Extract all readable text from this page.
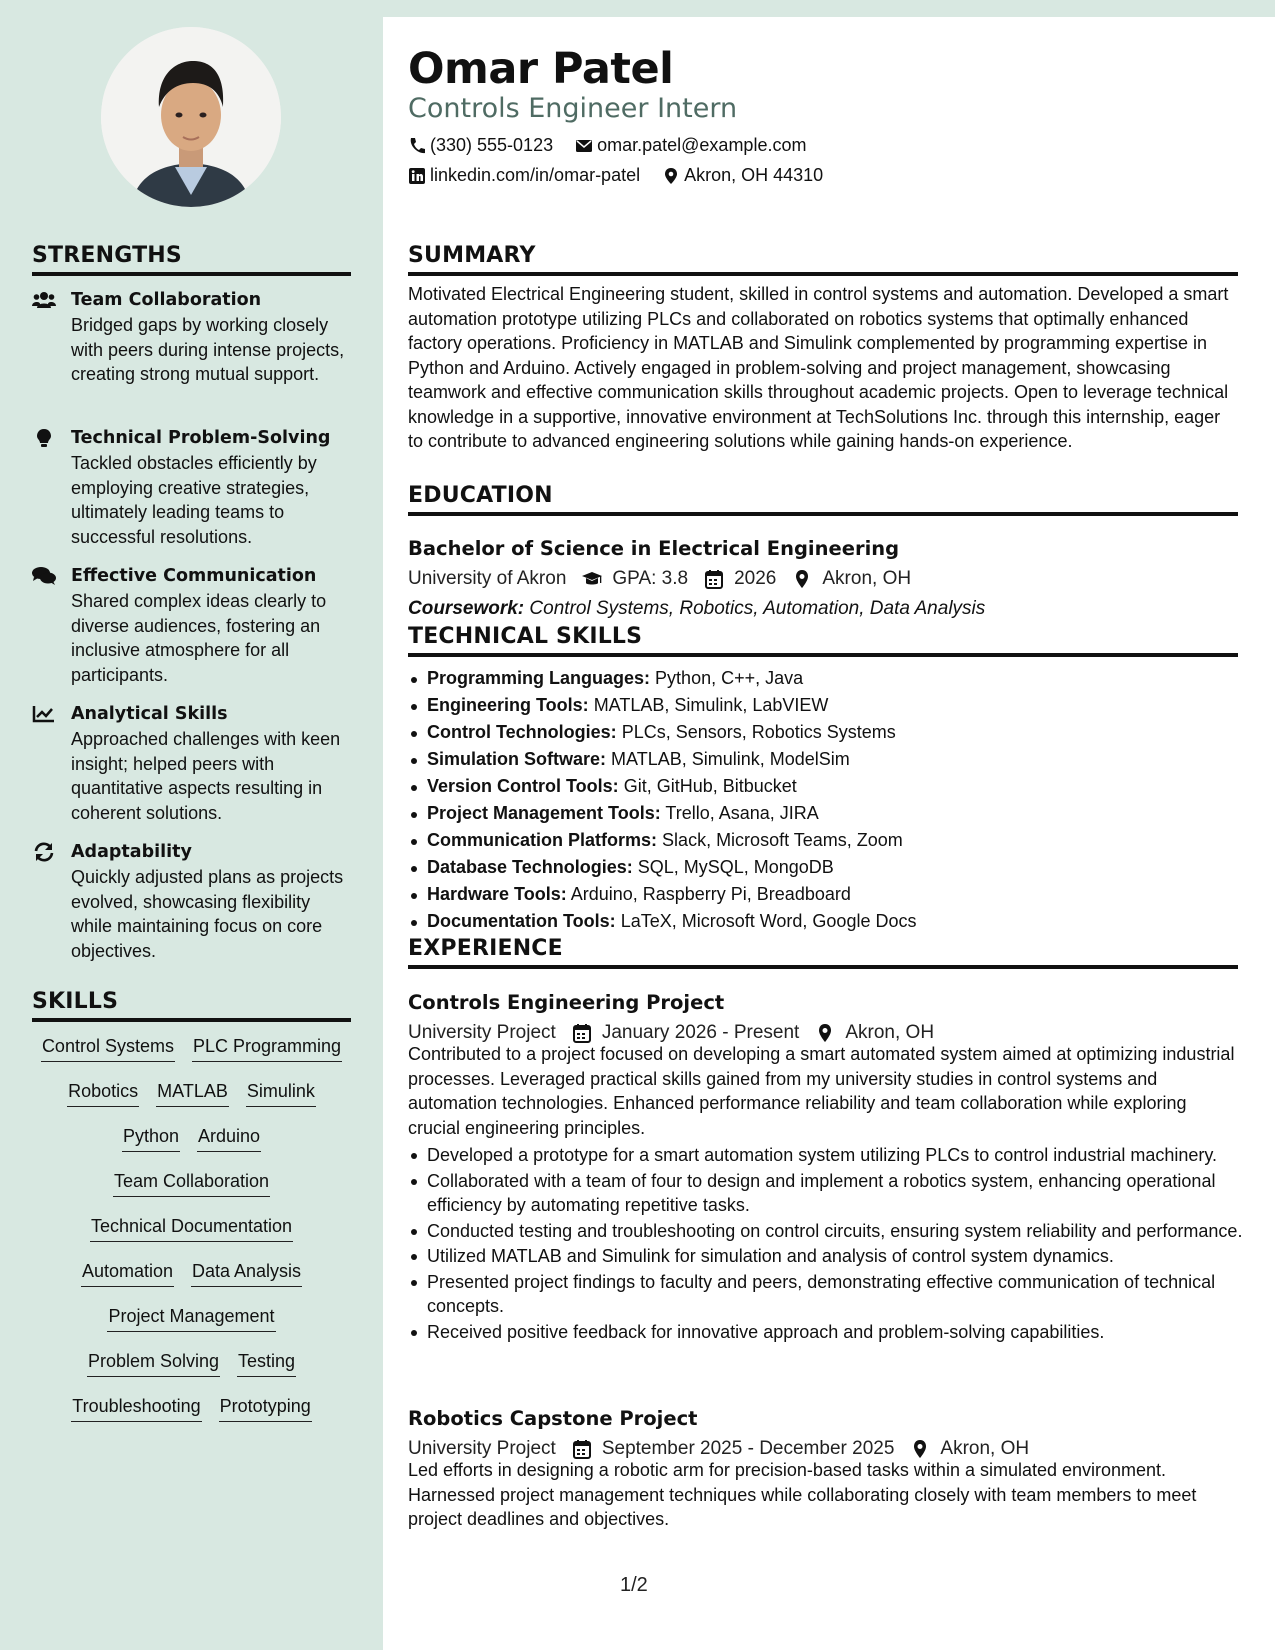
STRENGTHS
Team Collaboration
Bridged gaps by working closely with peers during intense projects, creating strong mutual support.
Technical Problem-Solving
Tackled obstacles efficiently by employing creative strategies, ultimately leading teams to successful resolutions.
Effective Communication
Shared complex ideas clearly to diverse audiences, fostering an inclusive atmosphere for all participants.
Analytical Skills
Approached challenges with keen insight; helped peers with quantitative aspects resulting in coherent solutions.
Adaptability
Quickly adjusted plans as projects evolved, showcasing flexibility while maintaining focus on core objectives.
SKILLS
Control Systems PLC Programming
Robotics MATLAB Simulink
Python Arduino
Team Collaboration
Technical Documentation
Automation Data Analysis
Project Management
Problem Solving Testing
Troubleshooting Prototyping
Omar Patel
Controls Engineer Intern
(330) 555-0123 omar.patel@example.com
linkedin.com/in/omar-patel Akron, OH 44310
SUMMARY
Motivated Electrical Engineering student, skilled in control systems and automation. Developed a smart automation prototype utilizing PLCs and collaborated on robotics systems that optimally enhanced factory operations. Proficiency in MATLAB and Simulink complemented by programming expertise in Python and Arduino. Actively engaged in problem-solving and project management, showcasing teamwork and effective communication skills throughout academic projects. Open to leverage technical knowledge in a supportive, innovative environment at TechSolutions Inc. through this internship, eager to contribute to advanced engineering solutions while gaining hands-on experience.
EDUCATION
Bachelor of Science in Electrical Engineering
University of Akron GPA: 3.8 2026 Akron, OH
Coursework: Control Systems, Robotics, Automation, Data Analysis
TECHNICAL SKILLS
Programming Languages: Python, C++, Java
Engineering Tools: MATLAB, Simulink, LabVIEW
Control Technologies: PLCs, Sensors, Robotics Systems
Simulation Software: MATLAB, Simulink, ModelSim
Version Control Tools: Git, GitHub, Bitbucket
Project Management Tools: Trello, Asana, JIRA
Communication Platforms: Slack, Microsoft Teams, Zoom
Database Technologies: SQL, MySQL, MongoDB
Hardware Tools: Arduino, Raspberry Pi, Breadboard
Documentation Tools: LaTeX, Microsoft Word, Google Docs
EXPERIENCE
Controls Engineering Project
University Project January 2026 - Present Akron, OH
Contributed to a project focused on developing a smart automated system aimed at optimizing industrial processes. Leveraged practical skills gained from my university studies in control systems and automation technologies. Enhanced performance reliability and team collaboration while exploring crucial engineering principles.
Developed a prototype for a smart automation system utilizing PLCs to control industrial machinery.
Collaborated with a team of four to design and implement a robotics system, enhancing operational efficiency by automating repetitive tasks.
Conducted testing and troubleshooting on control circuits, ensuring system reliability and performance.
Utilized MATLAB and Simulink for simulation and analysis of control system dynamics.
Presented project findings to faculty and peers, demonstrating effective communication of technical concepts.
Received positive feedback for innovative approach and problem-solving capabilities.
Robotics Capstone Project
University Project September 2025 - December 2025 Akron, OH
Led efforts in designing a robotic arm for precision-based tasks within a simulated environment. Harnessed project management techniques while collaborating closely with team members to meet project deadlines and objectives.
1/2
